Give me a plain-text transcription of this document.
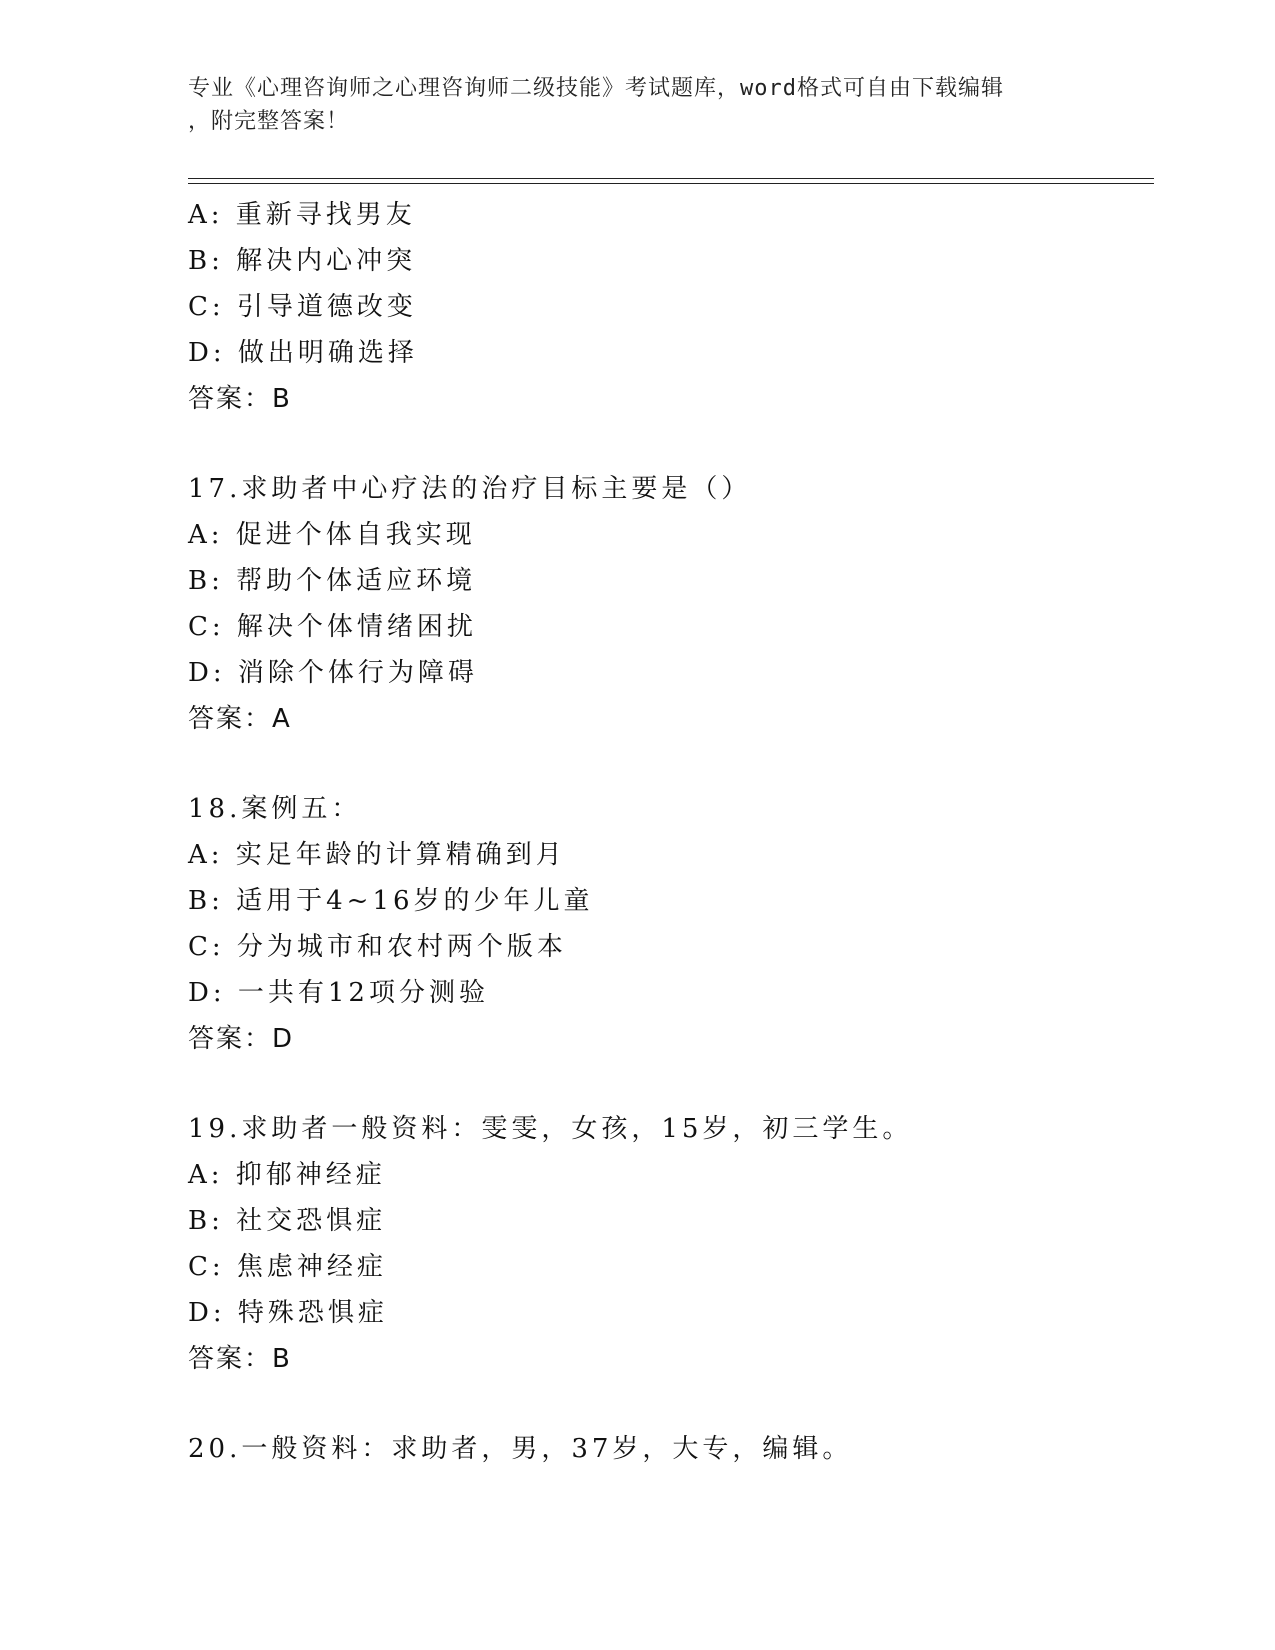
专业《心理咨询师之心理咨询师二级技能》考试题库，word格式可自由下载编辑
，附完整答案！
A: 重新寻找男友
B: 解决内心冲突
C: 引导道德改变
D: 做出明确选择
答案：B
17.求助者中心疗法的治疗目标主要是（）
A: 促进个体自我实现
B: 帮助个体适应环境
C: 解决个体情绪困扰
D: 消除个体行为障碍
答案：A
18.案例五：
A: 实足年龄的计算精确到月
B: 适用于4~16岁的少年儿童
C: 分为城市和农村两个版本
D: 一共有12项分测验
答案：D
19.求助者一般资料：雯雯，女孩，15岁，初三学生。
A: 抑郁神经症
B: 社交恐惧症
C: 焦虑神经症
D: 特殊恐惧症
答案：B
20.一般资料：求助者，男，37岁，大专，编辑。
